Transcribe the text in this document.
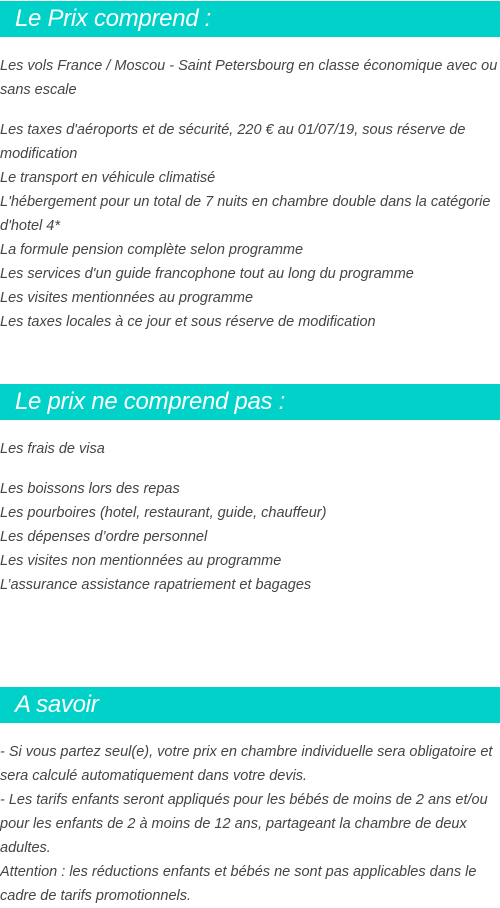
Le Prix comprend :
Les vols France / Moscou - Saint Petersbourg en classe économique avec ou sans escale
Les taxes d'aéroports et de sécurité, 220 € au 01/07/19, sous réserve de modification
Le transport en véhicule climatisé
L'hébergement pour un total de 7 nuits en chambre double dans la catégorie d'hotel 4*
La formule pension complète selon programme
Les services d'un guide francophone tout au long du programme
Les visites mentionnées au programme
Les taxes locales à ce jour et sous réserve de modification
Le prix ne comprend pas :
Les frais de visa
Les boissons lors des repas
Les pourboires (hotel, restaurant, guide, chauffeur)
Les dépenses d’ordre personnel
Les visites non mentionnées au programme
L’assurance assistance rapatriement et bagages
A savoir
- Si vous partez seul(e), votre prix en chambre individuelle sera obligatoire et sera calculé automatiquement dans votre devis.
- Les tarifs enfants seront appliqués pour les bébés de moins de 2 ans et/ou pour les enfants de 2 à moins de 12 ans, partageant la chambre de deux adultes.
Attention : les réductions enfants et bébés ne sont pas applicables dans le cadre de tarifs promotionnels.
